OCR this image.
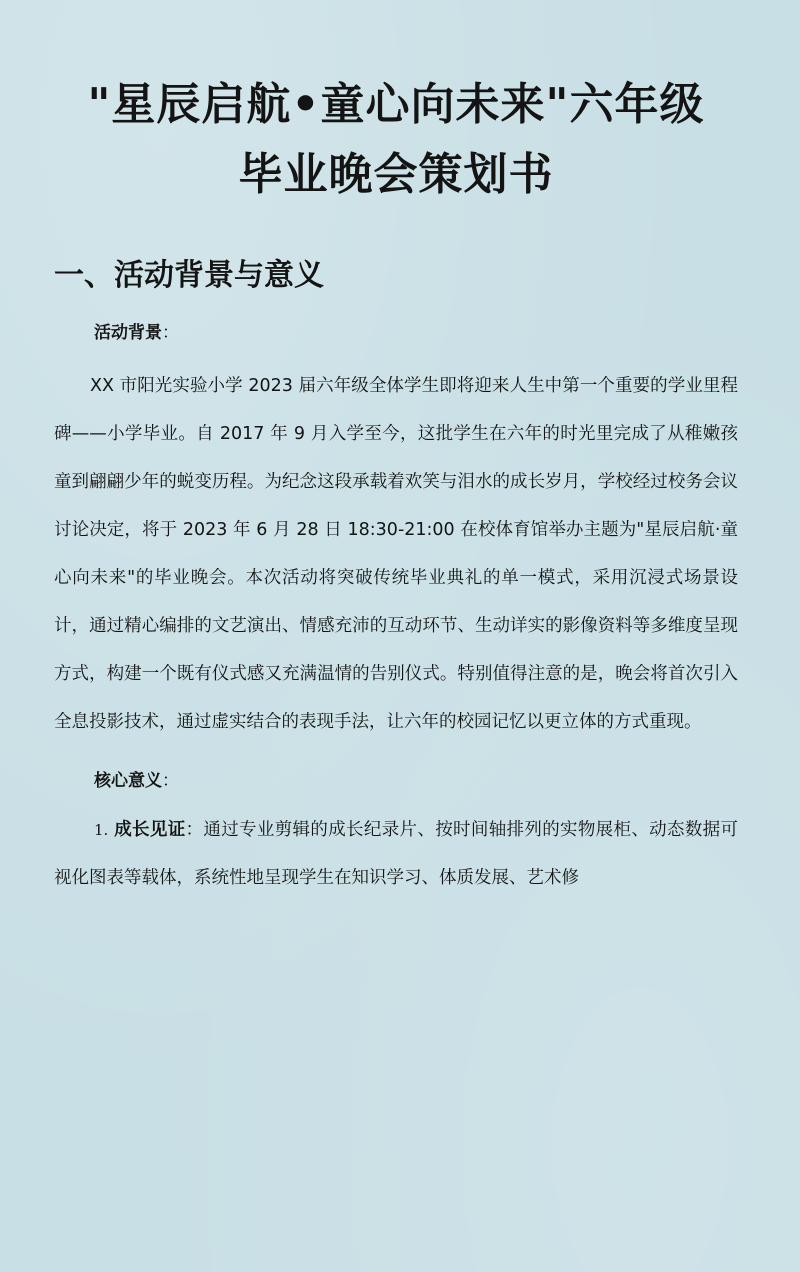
"星辰启航•童心向未来"六年级
毕业晚会策划书
一、活动背景与意义
活动背景：

XX 市阳光实验小学 2023 届六年级全体学生即将迎来人生中第一个重要的学业里程碑——小学毕业。自 2017 年 9 月入学至今，这批学生在六年的时光里完成了从稚嫩孩童到翩翩少年的蜕变历程。为纪念这段承载着欢笑与泪水的成长岁月，学校经过校务会议讨论决定，将于 2023 年 6 月 28 日 18:30-21:00 在校体育馆举办主题为"星辰启航·童心向未来"的毕业晚会。本次活动将突破传统毕业典礼的单一模式，采用沉浸式场景设计，通过精心编排的文艺演出、情感充沛的互动环节、生动详实的影像资料等多维度呈现方式，构建一个既有仪式感又充满温情的告别仪式。特别值得注意的是，晚会将首次引入全息投影技术，通过虚实结合的表现手法，让六年的校园记忆以更立体的方式重现。

核心意义：

1. 成长见证：通过专业剪辑的成长纪录片、按时间轴排列的实物展柜、动态数据可视化图表等载体，系统性地呈现学生在知识学习、体质发展、艺术修
